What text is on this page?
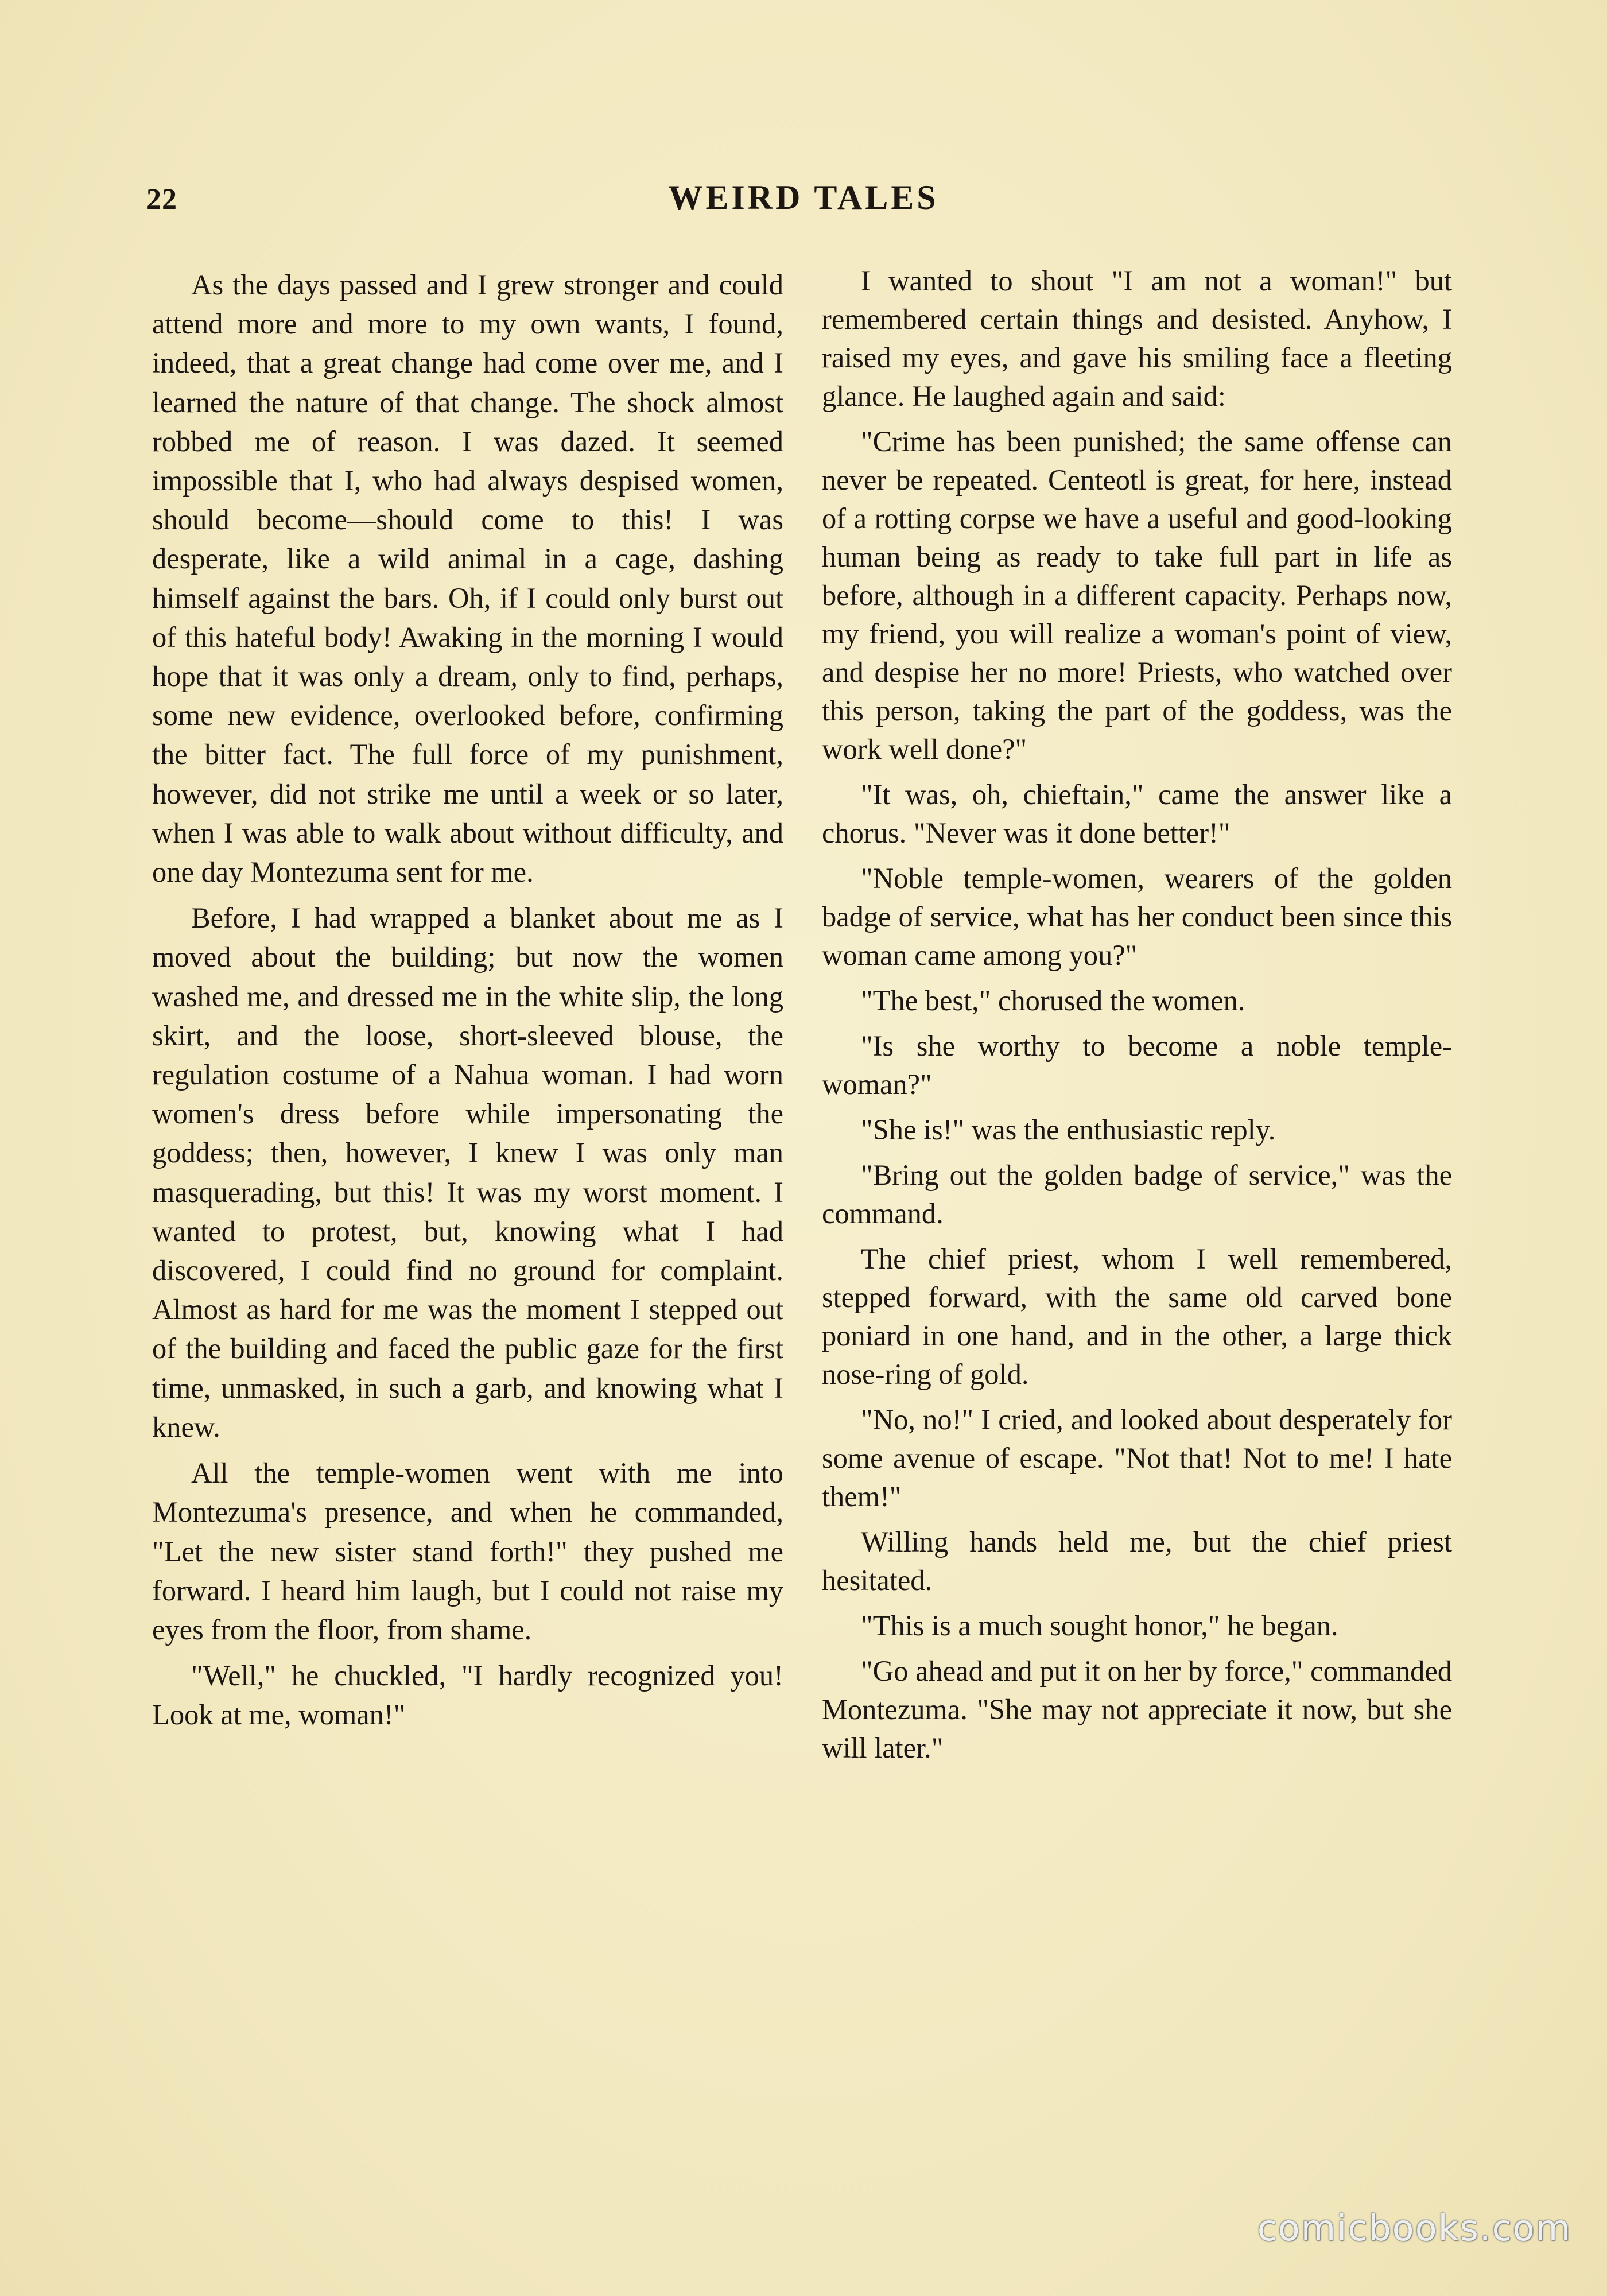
22	WEIRD TALES

As the days passed and I grew stronger and could attend more and more to my own wants, I found, indeed, that a great change had come over me, and I learned the nature of that change. The shock almost robbed me of reason. I was dazed. It seemed impossible that I, who had always despised women, should become—should come to this! I was desperate, like a wild animal in a cage, dashing himself against the bars. Oh, if I could only burst out of this hateful body! Awaking in the morning I would hope that it was only a dream, only to find, perhaps, some new evidence, overlooked before, confirming the bitter fact. The full force of my punishment, however, did not strike me until a week or so later, when I was able to walk about without difficulty, and one day Montezuma sent for me.

Before, I had wrapped a blanket about me as I moved about the building; but now the women washed me, and dressed me in the white slip, the long skirt, and the loose, short-sleeved blouse, the regulation costume of a Nahua woman. I had worn women's dress before while impersonating the goddess; then, however, I knew I was only man masquerading, but this! It was my worst moment. I wanted to protest, but, knowing what I had discovered, I could find no ground for complaint. Almost as hard for me was the moment I stepped out of the building and faced the public gaze for the first time, unmasked, in such a garb, and knowing what I knew.

All the temple-women went with me into Montezuma's presence, and when he commanded, "Let the new sister stand forth!" they pushed me forward. I heard him laugh, but I could not raise my eyes from the floor, from shame.

"Well," he chuckled, "I hardly recognized you! Look at me, woman!"

I wanted to shout "I am not a woman!" but remembered certain things and desisted. Anyhow, I raised my eyes, and gave his smiling face a fleeting glance. He laughed again and said:

"Crime has been punished; the same offense can never be repeated. Centeotl is great, for here, instead of a rotting corpse we have a useful and good-looking human being as ready to take full part in life as before, although in a different capacity. Perhaps now, my friend, you will realize a woman's point of view, and despise her no more! Priests, who watched over this person, taking the part of the goddess, was the work well done?"

"It was, oh, chieftain," came the answer like a chorus. "Never was it done better!"

"Noble temple-women, wearers of the golden badge of service, what has her conduct been since this woman came among you?"

"The best," chorused the women.

"Is she worthy to become a noble temple-woman?"

"She is!" was the enthusiastic reply.

"Bring out the golden badge of service," was the command.

The chief priest, whom I well remembered, stepped forward, with the same old carved bone poniard in one hand, and in the other, a large thick nose-ring of gold.

"No, no!" I cried, and looked about desperately for some avenue of escape. "Not that! Not to me! I hate them!"

Willing hands held me, but the chief priest hesitated.

"This is a much sought honor," he began.

"Go ahead and put it on her by force," commanded Montezuma. "She may not appreciate it now, but she will later."

comicbooks.com
